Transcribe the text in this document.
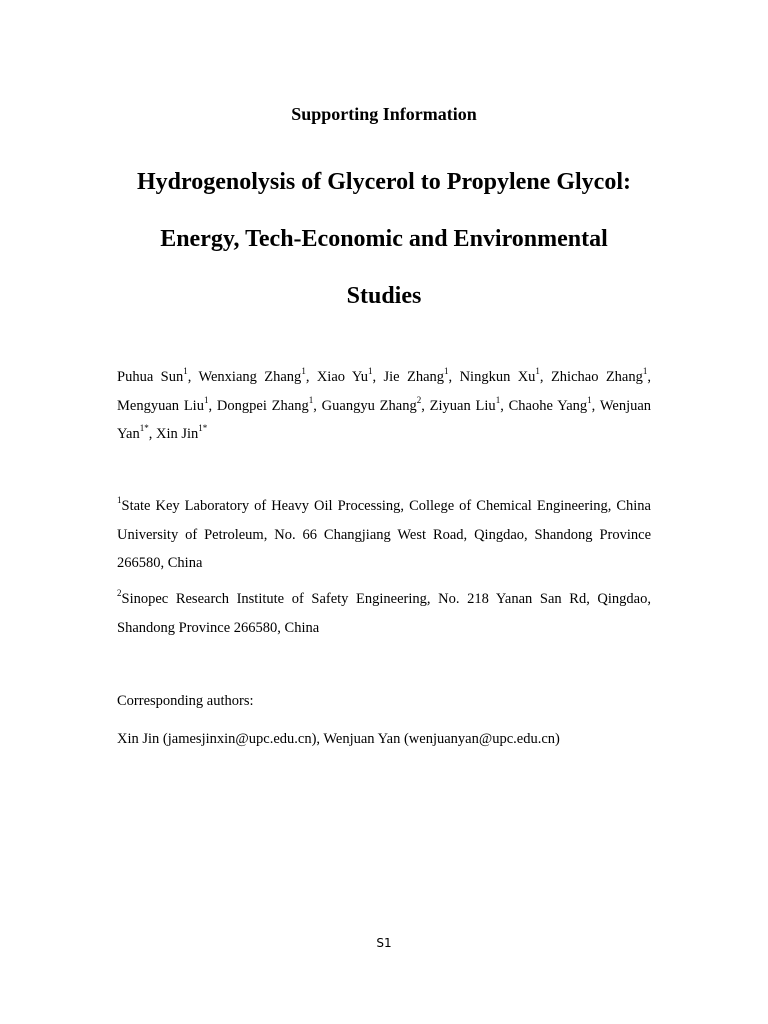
Supporting Information
Hydrogenolysis of Glycerol to Propylene Glycol:
Energy, Tech-Economic and Environmental
Studies
Puhua Sun$^1$, Wenxiang Zhang$^1$, Xiao Yu$^1$, Jie Zhang$^1$, Ningkun Xu$^1$, Zhichao Zhang$^1$, Mengyuan Liu$^1$, Dongpei Zhang$^1$, Guangyu Zhang$^2$, Ziyuan Liu$^1$, Chaohe Yang$^1$, Wenjuan Yan$^{1*}$, Xin Jin$^{1*}$
$^1$State Key Laboratory of Heavy Oil Processing, College of Chemical Engineering, China University of Petroleum, No. 66 Changjiang West Road, Qingdao, Shandong Province 266580, China
$^2$Sinopec Research Institute of Safety Engineering, No. 218 Yanan San Rd, Qingdao, Shandong Province 266580, China
Corresponding authors:
Xin Jin (jamesjinxin@upc.edu.cn), Wenjuan Yan (wenjuanyan@upc.edu.cn)
S1
